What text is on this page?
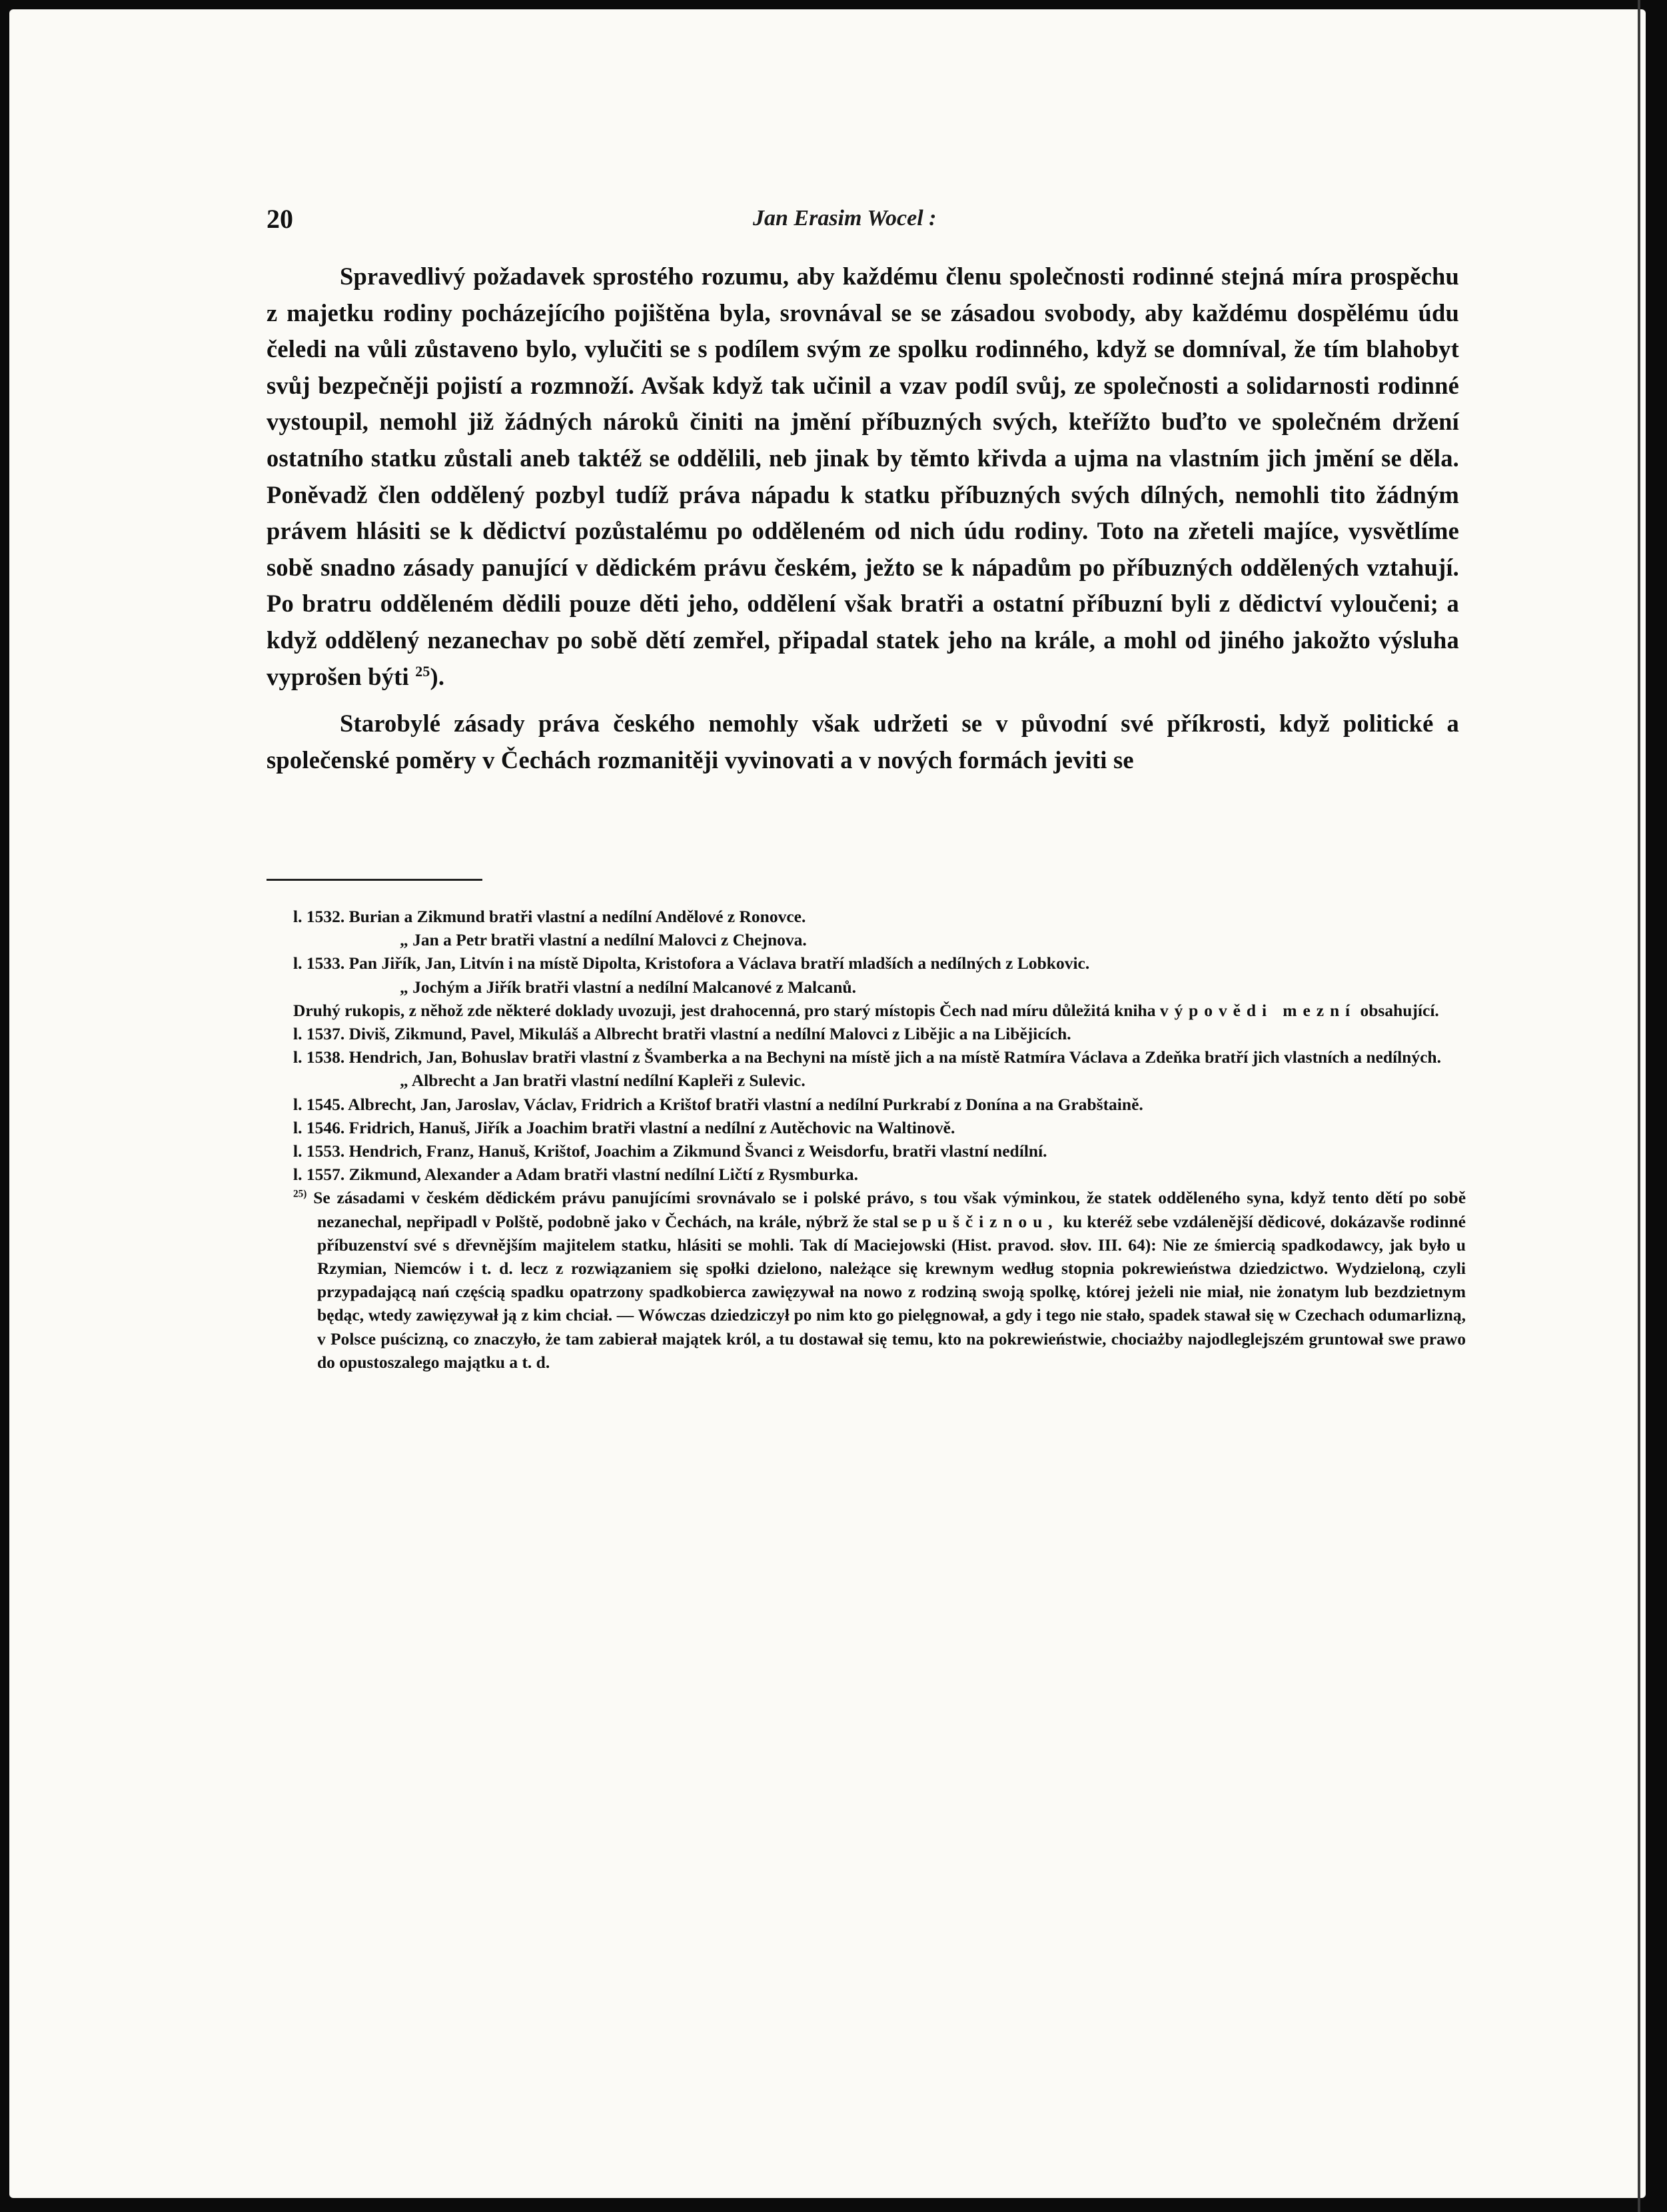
20	Jan Erasim Wocel :

Spravedlivý požadavek sprostého rozumu, aby každému členu společnosti rodinné stejná míra prospěchu z majetku rodiny pocházejícího pojištěna byla, srovnával se se zásadou svobody, aby každému dospělému údu čeledi na vůli zůstaveno bylo, vylučiti se s podílem svým ze spolku rodinného, když se domníval, že tím blahobyt svůj bezpečněji pojistí a rozmnoží. Avšak když tak učinil a vzav podíl svůj, ze společnosti a solidarnosti rodinné vystoupil, nemohl již žádných nároků činiti na jmění příbuzných svých, kteřížto buďto ve společném držení ostatního statku zůstali aneb taktéž se oddělili, neb jinak by těmto křivda a ujma na vlastním jich jmění se děla. Poněvadž člen oddělený pozbyl tudíž práva nápadu k statku příbuzných svých dílných, nemohli tito žádným právem hlásiti se k dědictví pozůstalému po odděleném od nich údu rodiny. Toto na zřeteli majíce, vysvětlíme sobě snadno zásady panující v dědickém právu českém, ježto se k nápadům po příbuzných oddělených vztahují. Po bratru odděleném dědili pouze děti jeho, oddělení však bratři a ostatní příbuzní byli z dědictví vyloučeni; a když oddělený nezanechav po sobě dětí zemřel, připadal statek jeho na krále, a mohl od jiného jakožto výsluha vyprošen býti $^{25}$).

Starobylé zásady práva českého nemohly však udržeti se v původní své příkrosti, když politické a společenské poměry v Čechách rozmanitěji vyvinovati a v nových formách jeviti se

l. 1532. Burian a Zikmund bratři vlastní a nedílní Andělové z Ronovce.

„ Jan a Petr bratři vlastní a nedílní Malovci z Chejnova.

l. 1533. Pan Jiřík, Jan, Litvín i na místě Dipolta, Kristofora a Václava bratří mladších a nedílných z Lobkovic.

„ Jochým a Jiřík bratři vlastní a nedílní Malcanové z Malcanů.

Druhý rukopis, z něhož zde některé doklady uvozuji, jest drahocenná, pro starý místopis Čech nad míru důležitá kniha výpovědi mezní obsahující.

l. 1537. Diviš, Zikmund, Pavel, Mikuláš a Albrecht bratři vlastní a nedílní Malovci z Libějic a na Libějicích.

l. 1538. Hendrich, Jan, Bohuslav bratři vlastní z Švamberka a na Bechyni na místě jich a na místě Ratmíra Václava a Zdeňka bratří jich vlastních a nedílných.

„ Albrecht a Jan bratři vlastní nedílní Kapleři z Sulevic.

l. 1545. Albrecht, Jan, Jaroslav, Václav, Fridrich a Krištof bratři vlastní a nedílní Purkrabí z Donína a na Grabštaině.

l. 1546. Fridrich, Hanuš, Jiřík a Joachim bratři vlastní a nedílní z Autěchovic na Waltinově.

l. 1553. Hendrich, Franz, Hanuš, Krištof, Joachim a Zikmund Švanci z Weisdorfu, bratři vlastní nedílní.

l. 1557. Zikmund, Alexander a Adam bratři vlastní nedílní Ličtí z Rysmburka.

$^{25)}$ Se zásadami v českém dědickém právu panujícími srovnávalo se i polské právo, s tou však výminkou, že statek odděleného syna, když tento dětí po sobě nezanechal, nepřipadl v Polště, podobně jako v Čechách, na krále, nýbrž že stal se puščiznou, ku kteréž sebe vzdálenější dědicové, dokázavše rodinné příbuzenství své s dřevnějším majitelem statku, hlásiti se mohli. Tak dí Maciejowski (Hist. pravod. słov. III. 64): Nie ze śmiercią spadkodawcy, jak było u Rzymian, Niemców i t. d. lecz z rozwiązaniem się społki dzielono, należące się krewnym według stopnia pokrewieństwa dziedzictwo. Wydzieloną, czyli przypadającą nań częścią spadku opatrzony spadkobierca zawięzywał na nowo z rodziną swoją spolkę, której jeżeli nie miał, nie żonatym lub bezdzietnym będąc, wtedy zawięzywał ją z kim chciał. — Wówczas dziedziczył po nim kto go pielęgnował, a gdy i tego nie stało, spadek stawał się w Czechach odumarlizną, v Polsce puścizną, co znaczyło, że tam zabierał majątek król, a tu dostawał się temu, kto na pokrewieństwie, chociażby najodleglejszém gruntował swe prawo do opustoszalego majątku a t. d.
